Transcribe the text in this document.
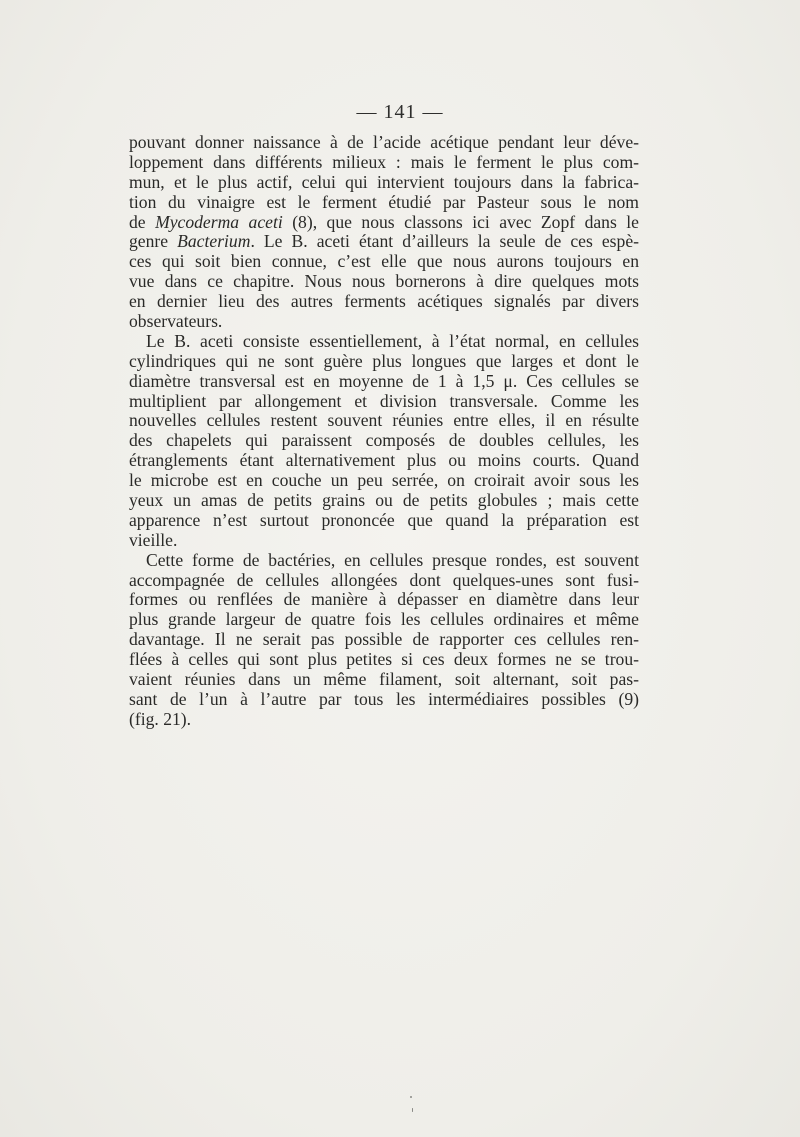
— 141 —
pouvant donner naissance à de l’acide acétique pendant leur déve-
loppement dans différents milieux : mais le ferment le plus com-
mun, et le plus actif, celui qui intervient toujours dans la fabrica-
tion du vinaigre est le ferment étudié par Pasteur sous le nom
de Mycoderma aceti (8), que nous classons ici avec Zopf dans le
genre Bacterium. Le B. aceti étant d’ailleurs la seule de ces espè-
ces qui soit bien connue, c’est elle que nous aurons toujours en
vue dans ce chapitre. Nous nous bornerons à dire quelques mots
en dernier lieu des autres ferments acétiques signalés par divers
observateurs.
Le B. aceti consiste essentiellement, à l’état normal, en cellules
cylindriques qui ne sont guère plus longues que larges et dont le
diamètre transversal est en moyenne de 1 à 1,5 μ. Ces cellules se
multiplient par allongement et division transversale. Comme les
nouvelles cellules restent souvent réunies entre elles, il en résulte
des chapelets qui paraissent composés de doubles cellules, les
étranglements étant alternativement plus ou moins courts. Quand
le microbe est en couche un peu serrée, on croirait avoir sous les
yeux un amas de petits grains ou de petits globules ; mais cette
apparence n’est surtout prononcée que quand la préparation est
vieille.
Cette forme de bactéries, en cellules presque rondes, est souvent
accompagnée de cellules allongées dont quelques-unes sont fusi-
formes ou renflées de manière à dépasser en diamètre dans leur
plus grande largeur de quatre fois les cellules ordinaires et même
davantage. Il ne serait pas possible de rapporter ces cellules ren-
flées à celles qui sont plus petites si ces deux formes ne se trou-
vaient réunies dans un même filament, soit alternant, soit pas-
sant de l’un à l’autre par tous les intermédiaires possibles (9)
(fig. 21).
